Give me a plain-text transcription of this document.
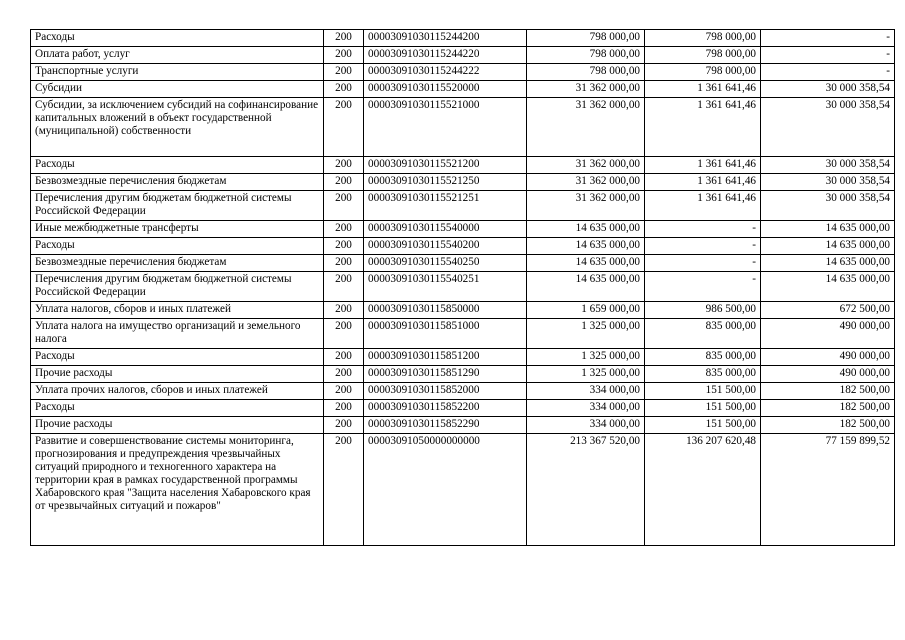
Расходы	200	00003091030115244200	798 000,00	798 000,00	-
Оплата работ, услуг	200	00003091030115244220	798 000,00	798 000,00	-
Транспортные услуги	200	00003091030115244222	798 000,00	798 000,00	-
Субсидии	200	00003091030115520000	31 362 000,00	1 361 641,46	30 000 358,54
Субсидии, за исключением субсидий на софинансирование капитальных вложений в объект государственной (муниципальной) собственности	200	00003091030115521000	31 362 000,00	1 361 641,46	30 000 358,54
Расходы	200	00003091030115521200	31 362 000,00	1 361 641,46	30 000 358,54
Безвозмездные перечисления бюджетам	200	00003091030115521250	31 362 000,00	1 361 641,46	30 000 358,54
Перечисления другим бюджетам бюджетной системы Российской Федерации	200	00003091030115521251	31 362 000,00	1 361 641,46	30 000 358,54
Иные межбюджетные трансферты	200	00003091030115540000	14 635 000,00	-	14 635 000,00
Расходы	200	00003091030115540200	14 635 000,00	-	14 635 000,00
Безвозмездные перечисления бюджетам	200	00003091030115540250	14 635 000,00	-	14 635 000,00
Перечисления другим бюджетам бюджетной системы Российской Федерации	200	00003091030115540251	14 635 000,00	-	14 635 000,00
Уплата налогов, сборов и иных платежей	200	00003091030115850000	1 659 000,00	986 500,00	672 500,00
Уплата налога на имущество организаций и земельного налога	200	00003091030115851000	1 325 000,00	835 000,00	490 000,00
Расходы	200	00003091030115851200	1 325 000,00	835 000,00	490 000,00
Прочие расходы	200	00003091030115851290	1 325 000,00	835 000,00	490 000,00
Уплата прочих налогов, сборов и иных платежей	200	00003091030115852000	334 000,00	151 500,00	182 500,00
Расходы	200	00003091030115852200	334 000,00	151 500,00	182 500,00
Прочие расходы	200	00003091030115852290	334 000,00	151 500,00	182 500,00
Развитие и совершенствование системы мониторинга, прогнозирования и предупреждения чрезвычайных ситуаций природного и техногенного характера на территории края в рамках государственной программы Хабаровского края "Защита населения Хабаровского края от чрезвычайных ситуаций и пожаров"	200	00003091050000000000	213 367 520,00	136 207 620,48	77 159 899,52
